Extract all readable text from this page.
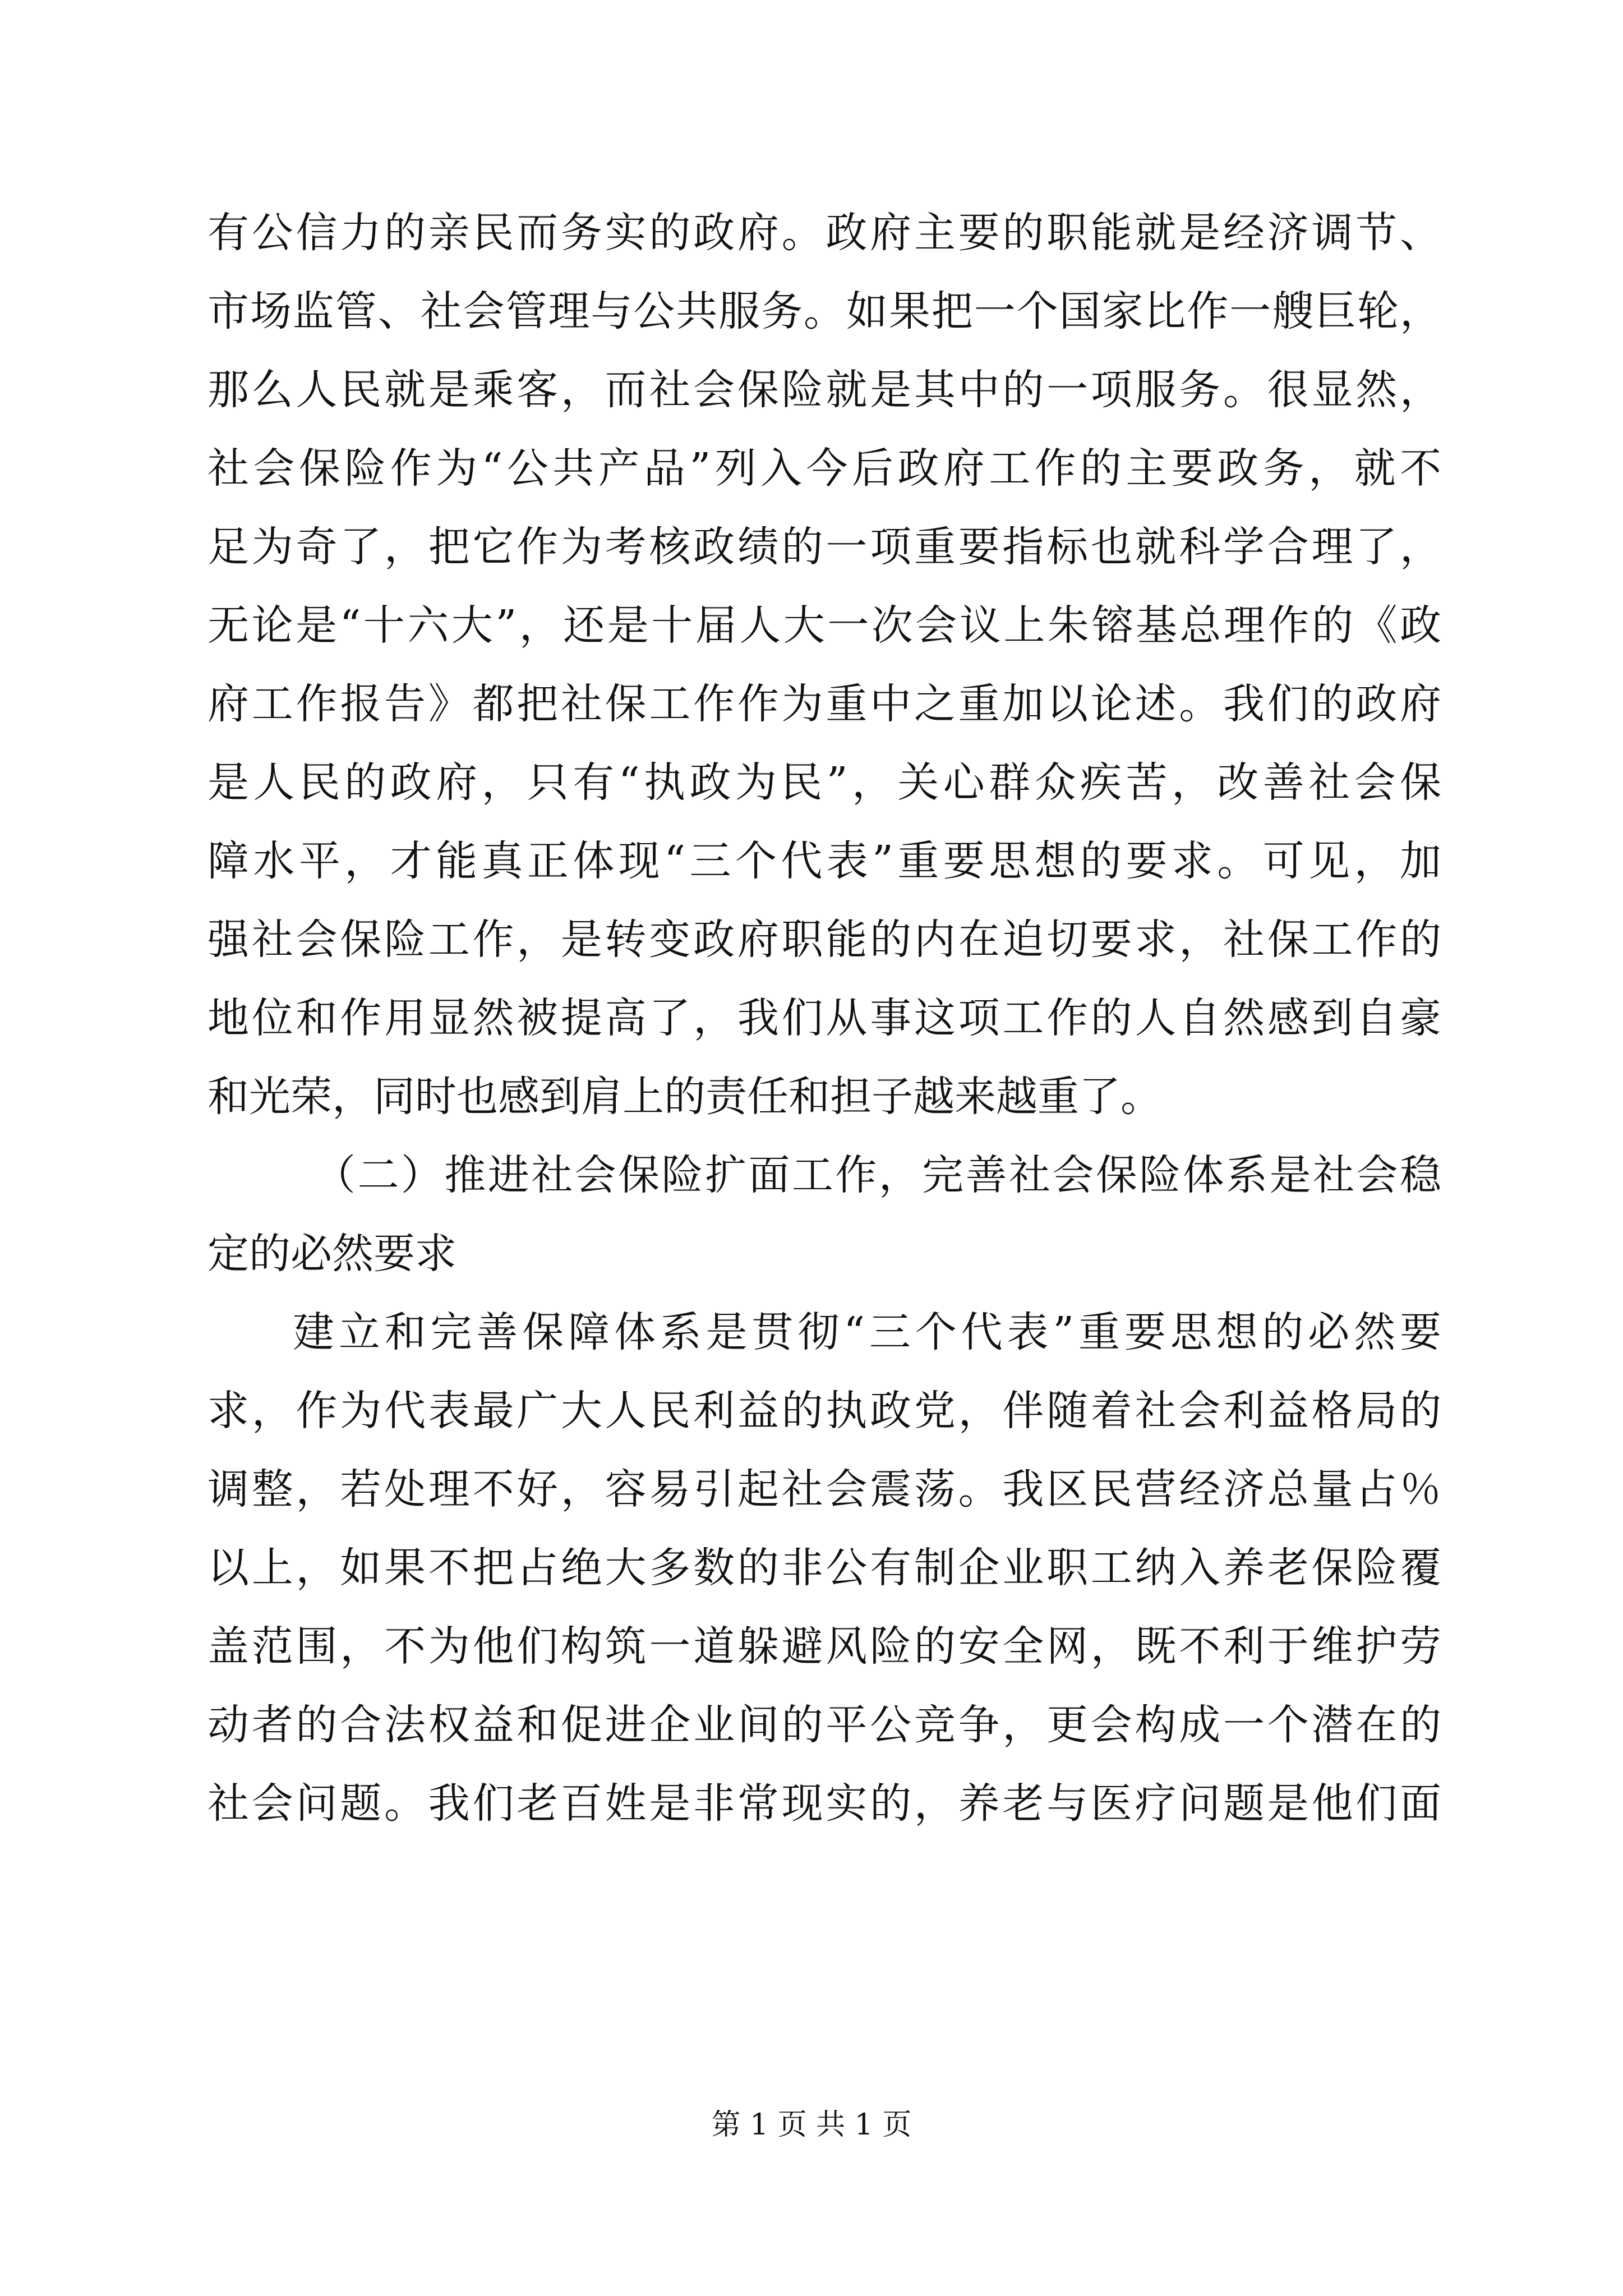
有公信力的亲民而务实的政府。政府主要的职能就是经济调节、
市场监管、社会管理与公共服务。如果把一个国家比作一艘巨轮，
那么人民就是乘客，而社会保险就是其中的一项服务。很显然，
社会保险作为“公共产品”列入今后政府工作的主要政务，就不
足为奇了，把它作为考核政绩的一项重要指标也就科学合理了，
无论是“十六大”，还是十届人大一次会议上朱镕基总理作的《政
府工作报告》都把社保工作作为重中之重加以论述。我们的政府
是人民的政府，只有“执政为民”，关心群众疾苦，改善社会保
障水平，才能真正体现“三个代表”重要思想的要求。可见，加
强社会保险工作，是转变政府职能的内在迫切要求，社保工作的
地位和作用显然被提高了，我们从事这项工作的人自然感到自豪
和光荣，同时也感到肩上的责任和担子越来越重了。
（二）推进社会保险扩面工作，完善社会保险体系是社会稳
定的必然要求
建立和完善保障体系是贯彻“三个代表”重要思想的必然要
求，作为代表最广大人民利益的执政党，伴随着社会利益格局的
调整，若处理不好，容易引起社会震荡。我区民营经济总量占％
以上，如果不把占绝大多数的非公有制企业职工纳入养老保险覆
盖范围，不为他们构筑一道躲避风险的安全网，既不利于维护劳
动者的合法权益和促进企业间的平公竞争，更会构成一个潜在的
社会问题。我们老百姓是非常现实的，养老与医疗问题是他们面
第 1 页 共 1 页
